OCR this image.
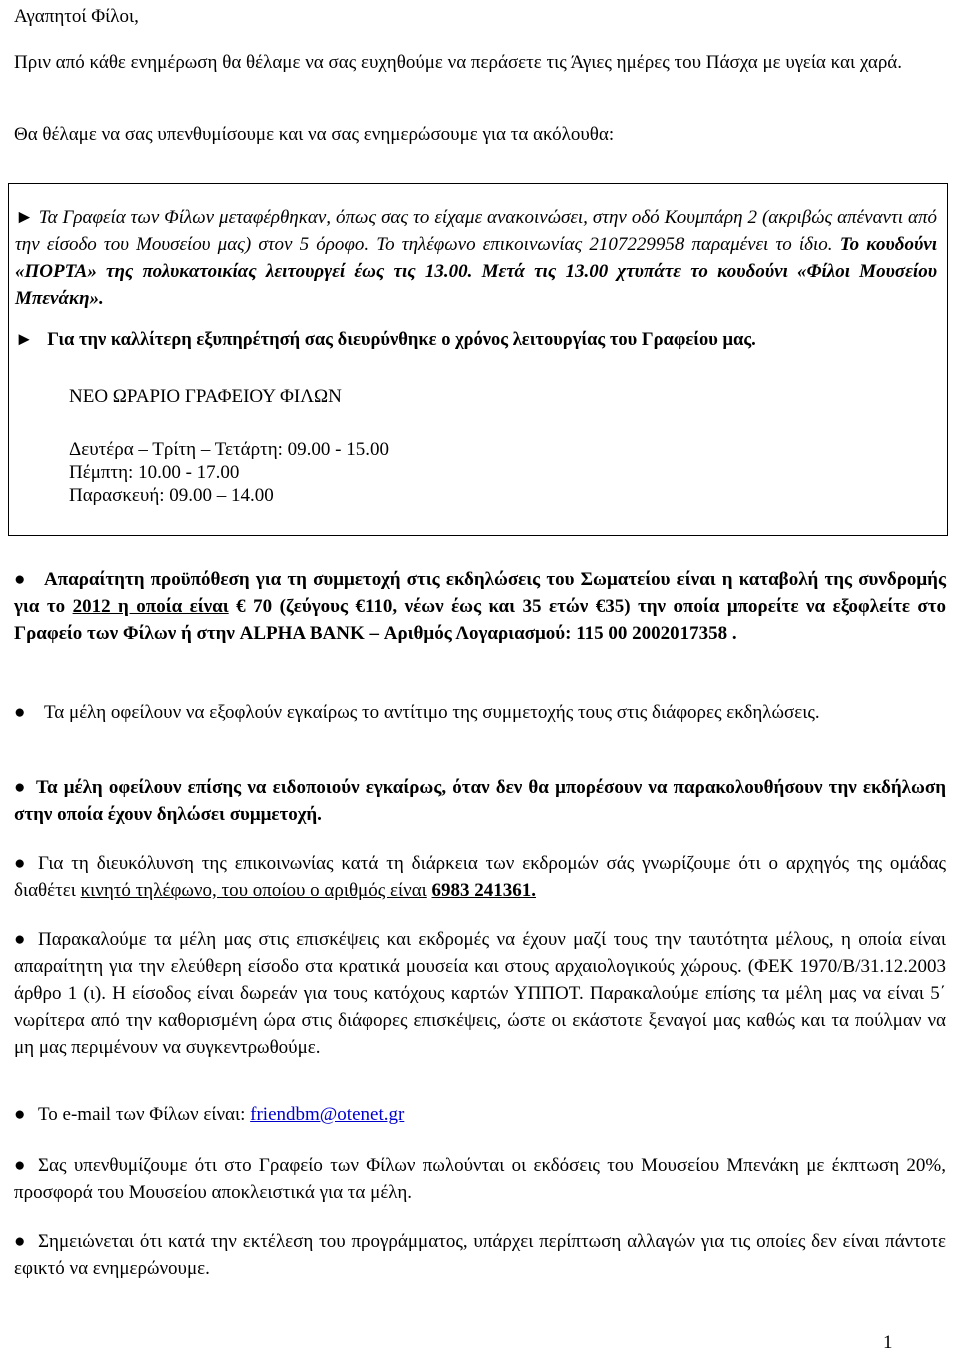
Αγαπητοί Φίλοι,

Πριν από κάθε ενημέρωση θα θέλαμε να σας ευχηθούμε να περάσετε τις Άγιες ημέρες του Πάσχα με υγεία και χαρά.

Θα θέλαμε να σας υπενθυμίσουμε και να σας ενημερώσουμε για τα ακόλουθα:

► Τα Γραφεία των Φίλων μεταφέρθηκαν, όπως σας το είχαμε ανακοινώσει, στην οδό Κουμπάρη 2 (ακριβώς απέναντι από την είσοδο του Μουσείου μας) στον 5 όροφο. Το τηλέφωνο επικοινωνίας 2107229958 παραμένει το ίδιο. Το κουδούνι «ΠΟΡΤΑ» της πολυκατοικίας λειτουργεί έως τις 13.00. Μετά τις 13.00 χτυπάτε το κουδούνι «Φίλοι Μουσείου Μπενάκη».

► Για την καλλίτερη εξυπηρέτησή σας διευρύνθηκε ο χρόνος λειτουργίας του Γραφείου μας.

ΝΕΟ ΩΡΑΡΙΟ ΓΡΑΦΕΙΟΥ ΦΙΛΩΝ

Δευτέρα – Τρίτη – Τετάρτη: 09.00 - 15.00
Πέμπτη: 10.00 - 17.00
Παρασκευή: 09.00 – 14.00

● Απαραίτητη προϋπόθεση για τη συμμετοχή στις εκδηλώσεις του Σωματείου είναι η καταβολή της συνδρομής για το 2012 η οποία είναι € 70 (ζεύγους €110, νέων έως και 35 ετών €35) την οποία μπορείτε να εξοφλείτε στο Γραφείο των Φίλων ή στην ALPHA BANK – Αριθμός Λογαριασμού: 115 00 2002017358 .

● Τα μέλη οφείλουν να εξοφλούν εγκαίρως το αντίτιμο της συμμετοχής τους στις διάφορες εκδηλώσεις.

● Τα μέλη οφείλουν επίσης να ειδοποιούν εγκαίρως, όταν δεν θα μπορέσουν να παρακολουθήσουν την εκδήλωση στην οποία έχουν δηλώσει συμμετοχή.

● Για τη διευκόλυνση της επικοινωνίας κατά τη διάρκεια των εκδρομών σάς γνωρίζουμε ότι ο αρχηγός της ομάδας διαθέτει κινητό τηλέφωνο, του οποίου ο αριθμός είναι 6983 241361.

● Παρακαλούμε τα μέλη μας στις επισκέψεις και εκδρομές να έχουν μαζί τους την ταυτότητα μέλους, η οποία είναι απαραίτητη για την ελεύθερη είσοδο στα κρατικά μουσεία και στους αρχαιολογικούς χώρους. (ΦΕΚ 1970/Β/31.12.2003 άρθρο 1 (ι). Η είσοδος είναι δωρεάν για τους κατόχους καρτών ΥΠΠΟΤ. Παρακαλούμε επίσης τα μέλη μας να είναι 5΄ νωρίτερα από την καθορισμένη ώρα στις διάφορες επισκέψεις, ώστε οι εκάστοτε ξεναγοί μας καθώς και τα πούλμαν να μη μας περιμένουν να συγκεντρωθούμε.

● Το e-mail των Φίλων είναι: friendbm@otenet.gr

● Σας υπενθυμίζουμε ότι στο Γραφείο των Φίλων πωλούνται οι εκδόσεις του Μουσείου Μπενάκη με έκπτωση 20%, προσφορά του Μουσείου αποκλειστικά για τα μέλη.

● Σημειώνεται ότι κατά την εκτέλεση του προγράμματος, υπάρχει περίπτωση αλλαγών για τις οποίες δεν είναι πάντοτε εφικτό να ενημερώνουμε.

1
